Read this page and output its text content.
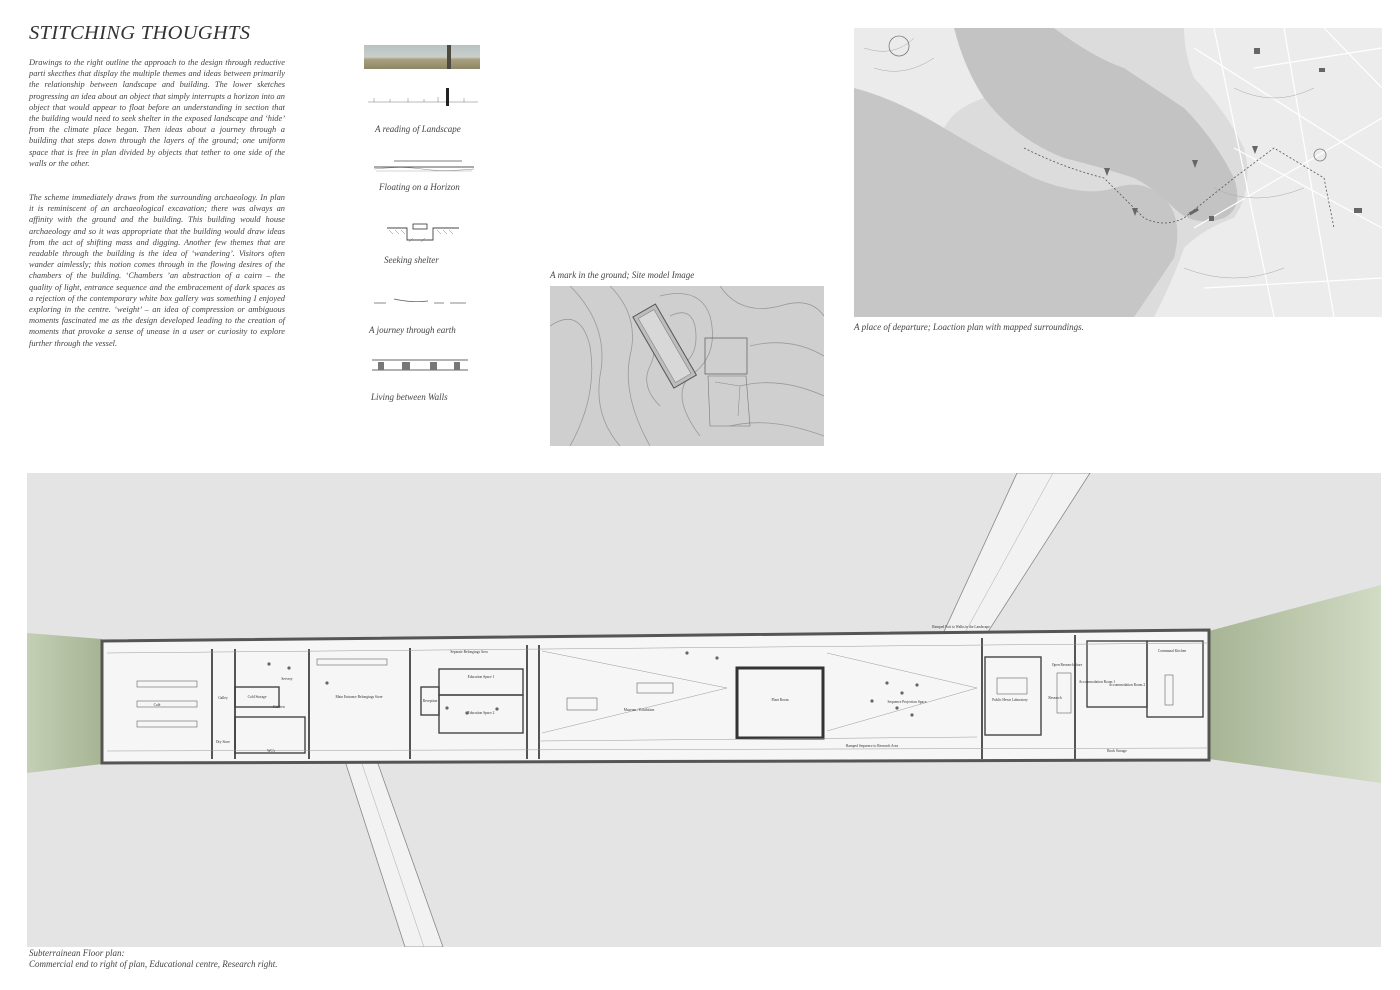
STITCHING THOUGHTS

Drawings to the right outline the approach to the design through reductive parti skecthes that display the multiple themes and ideas between primarily the relationship between landscape and building. The lower sketches progressing an idea about an object that simply interrupts a horizon into an object that would appear to float before an understanding in section that the building would need to seek shelter in the exposed landscape and ‘hide’ from the climate place began. Then ideas about a journey through a building that steps down through the layers of the ground; one uniform space that is free in plan divided by objects that tether to one side of the walls or the other.

The scheme immediately draws from the surrounding archaeology. In plan it is reminiscent of an archaeological excavation; there was always an affinity with the ground and the building. This building would house archaeology and so it was appropriate that the building would draw ideas from the act of shifting mass and digging. Another few themes that are readable through the building is the idea of ‘wandering’. Visitors often wander aimlessly; this notion comes through in the flowing desires of the chambers of the building. ‘Chambers ’an abstraction of a cairn – the quality of light, entrance sequence and the embracement of dark spaces as a rejection of the contemporary white box gallery was something I enjoyed exploring in the centre. ‘weight’ – an idea of compression or ambiguous moments fascinated me as the design developed leading to the creation of moments that provoke a sense of unease in a user or curiosity to explore further through the vessel.

A reading of Landscape
Floating on a Horizon
Seeking shelter
A journey through earth
Living between Walls
A mark in the ground; Site model Image
A place of departure; Loaction plan with mapped surroundings.
Café
Cold Storage
Servery
Kitchen
Galley
Dry Store
WC's
Main Entrance Belongings Store
Separate Belongings Area
Education Space 1
Education Space 2
Reception
Museum / Exhibition
Plant Room	Sequence Projection Space
Ramped Sequence to Research Area
Ramped Exit to Walks in the Landscape
Public Hewn Laboratory	Research
Open Research Store
Accommodation Room 1
Accommodation Room 2
Communal Kitchen
Book Storage
Subterrainean Floor plan:
Commercial end to right of plan, Educational centre, Research right.
